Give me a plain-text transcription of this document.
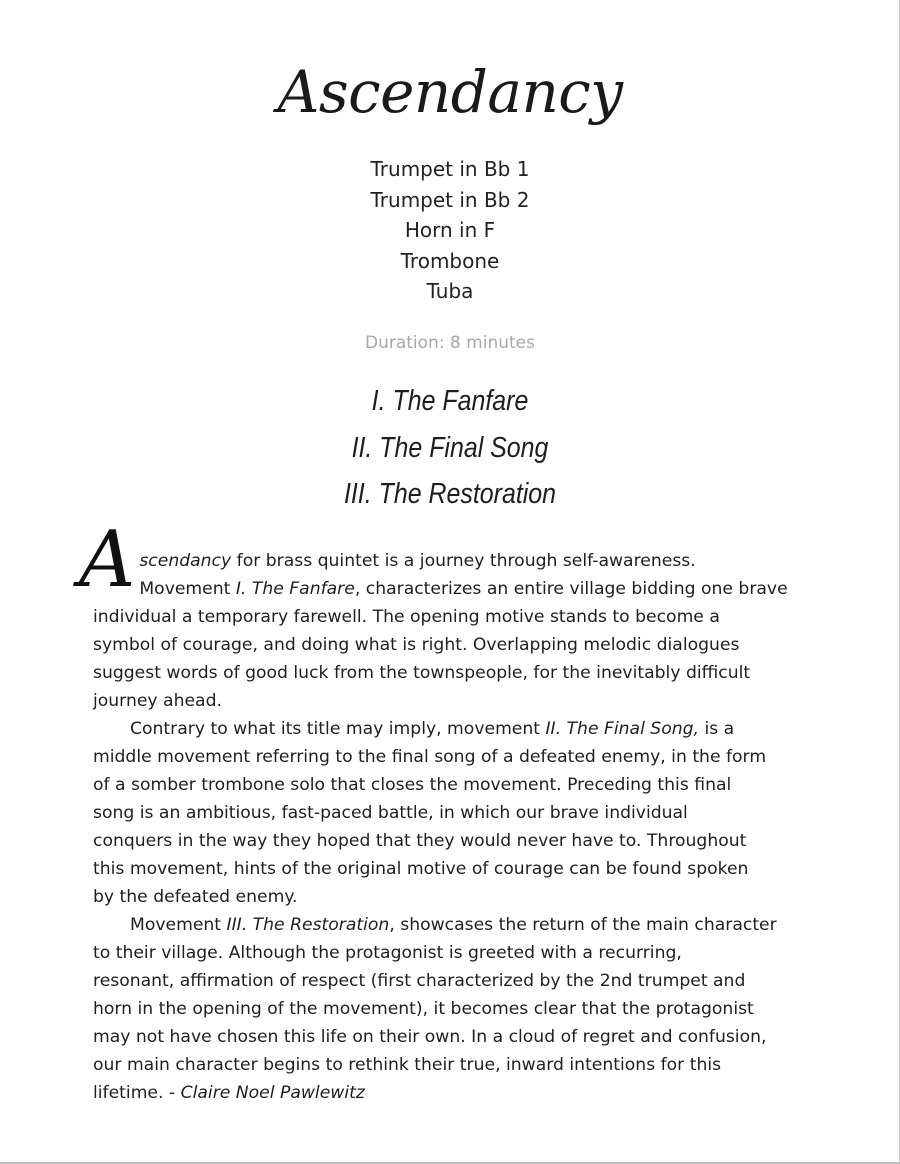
Ascendancy
Trumpet in Bb 1
Trumpet in Bb 2
Horn in F
Trombone
Tuba
Duration: 8 minutes
I. The Fanfare
II. The Final Song
III. The Restoration

A scendancy for brass quintet is a journey through self-awareness.
Movement I. The Fanfare, characterizes an entire village bidding one brave
individual a temporary farewell. The opening motive stands to become a
symbol of courage, and doing what is right. Overlapping melodic dialogues
suggest words of good luck from the townspeople, for the inevitably difficult
journey ahead.

Contrary to what its title may imply, movement II. The Final Song, is a
middle movement referring to the final song of a defeated enemy, in the form
of a somber trombone solo that closes the movement. Preceding this final
song is an ambitious, fast-paced battle, in which our brave individual
conquers in the way they hoped that they would never have to. Throughout
this movement, hints of the original motive of courage can be found spoken
by the defeated enemy.

Movement III. The Restoration, showcases the return of the main character
to their village. Although the protagonist is greeted with a recurring,
resonant, affirmation of respect (first characterized by the 2nd trumpet and
horn in the opening of the movement), it becomes clear that the protagonist
may not have chosen this life on their own. In a cloud of regret and confusion,
our main character begins to rethink their true, inward intentions for this
lifetime. - Claire Noel Pawlewitz
